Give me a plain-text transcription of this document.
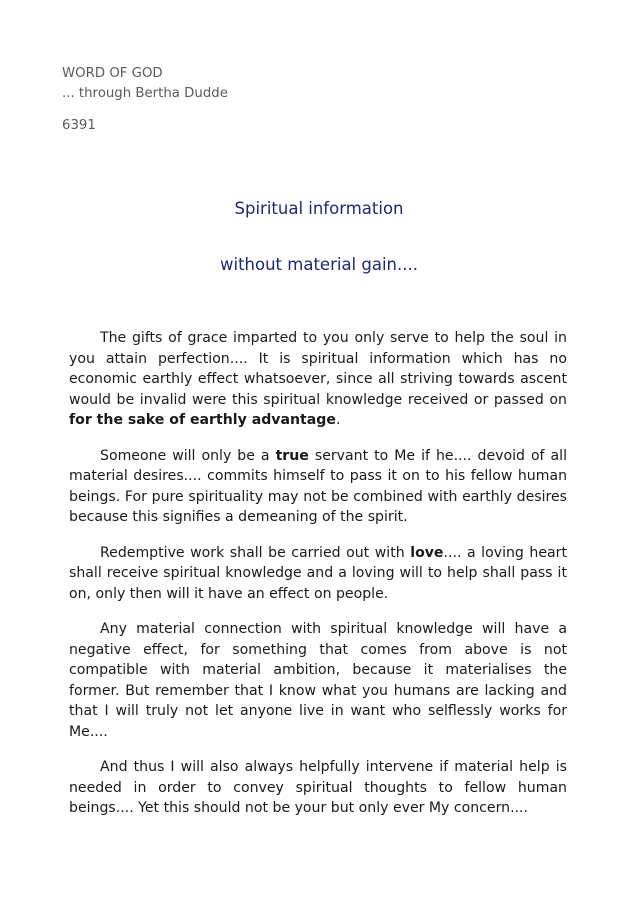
WORD OF GOD
... through Bertha Dudde
6391
Spiritual information
without material gain....

The gifts of grace imparted to you only serve to help the soul in you attain perfection.... It is spiritual information which has no economic earthly effect whatsoever, since all striving towards ascent would be invalid were this spiritual knowledge received or passed on for the sake of earthly advantage.

Someone will only be a true servant to Me if he.... devoid of all material desires.... commits himself to pass it on to his fellow human beings. For pure spirituality may not be combined with earthly desires because this signifies a demeaning of the spirit.

Redemptive work shall be carried out with love.... a loving heart shall receive spiritual knowledge and a loving will to help shall pass it on, only then will it have an effect on people.

Any material connection with spiritual knowledge will have a negative effect, for something that comes from above is not compatible with material ambition, because it materialises the former. But remember that I know what you humans are lacking and that I will truly not let anyone live in want who selflessly works for Me....

And thus I will also always helpfully intervene if material help is needed in order to convey spiritual thoughts to fellow human beings.... Yet this should not be your but only ever My concern....
